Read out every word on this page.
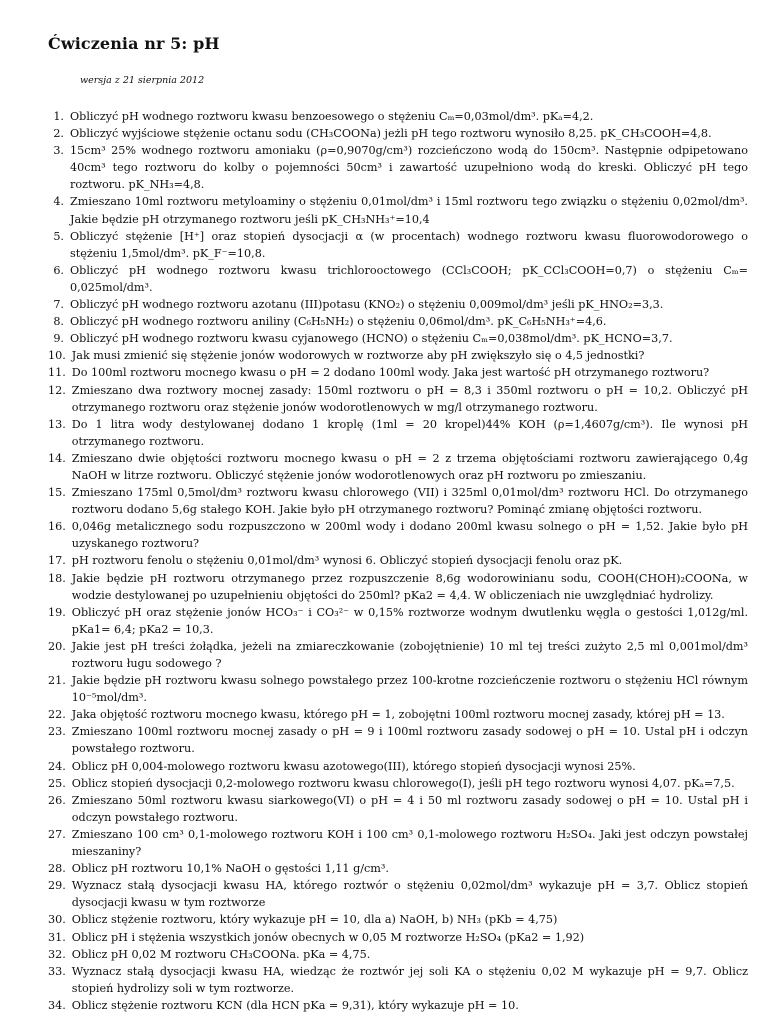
Ćwiczenia nr 5: pH
wersja z 21 sierpnia 2012
1. Obliczyć pH wodnego roztworu kwasu benzoesowego o stężeniu Cₘ=0,03mol/dm³. pKₐ=4,2.
2. Obliczyć wyjściowe stężenie octanu sodu (CH₃COONa) jeżli pH tego roztworu wynosiło 8,25. pK_CH₃COOH=4,8.
3. 15cm³ 25% wodnego roztworu amoniaku (ρ=0,9070g/cm³) rozcieńczono wodą do 150cm³. Następnie odpipetowano 40cm³ tego roztworu do kolby o pojemności 50cm³ i zawartość uzupełniono wodą do kreski. Obliczyć pH tego roztworu. pK_NH₃=4,8.
4. Zmieszano 10ml roztworu metyloaminy o stężeniu 0,01mol/dm³ i 15ml roztworu tego związku o stężeniu 0,02mol/dm³. Jakie będzie pH otrzymanego roztworu jeśli pK_CH₃NH₃⁺=10,4
5. Obliczyć stężenie [H⁺] oraz stopień dysocjacji α (w procentach) wodnego roztworu kwasu fluorowodorowego o stężeniu 1,5mol/dm³. pK_F⁻=10,8.
6. Obliczyć pH wodnego roztworu kwasu trichlorooctowego (CCl₃COOH; pK_CCl₃COOH=0,7) o stężeniu Cₘ= 0,025mol/dm³.
7. Obliczyć pH wodnego roztworu azotanu (III)potasu (KNO₂) o stężeniu 0,009mol/dm³ jeśli pK_HNO₂=3,3.
8. Obliczyć pH wodnego roztworu aniliny (C₆H₅NH₂) o stężeniu 0,06mol/dm³. pK_C₆H₅NH₃⁺=4,6.
9. Obliczyć pH wodnego roztworu kwasu cyjanowego (HCNO) o stężeniu Cₘ=0,038mol/dm³. pK_HCNO=3,7.
10. Jak musi zmienić się stężenie jonów wodorowych w roztworze aby pH zwiększyło się o 4,5 jednostki?
11. Do 100ml roztworu mocnego kwasu o pH = 2 dodano 100ml wody. Jaka jest wartość pH otrzymanego roztworu?
12. Zmieszano dwa roztwory mocnej zasady: 150ml roztworu o pH = 8,3 i 350ml roztworu o pH = 10,2. Obliczyć pH otrzymanego roztworu oraz stężenie jonów wodorotlenowych w mg/l otrzymanego roztworu.
13. Do 1 litra wody destylowanej dodano 1 kroplę (1ml = 20 kropel)44% KOH (ρ=1,4607g/cm³). Ile wynosi pH otrzymanego roztworu.
14. Zmieszano dwie objętości roztworu mocnego kwasu o pH = 2 z trzema objętościami roztworu zawierającego 0,4g NaOH w litrze roztworu. Obliczyć stężenie jonów wodorotlenowych oraz pH roztworu po zmieszaniu.
15. Zmieszano 175ml 0,5mol/dm³ roztworu kwasu chlorowego (VII) i 325ml 0,01mol/dm³ roztworu HCl. Do otrzymanego roztworu dodano 5,6g stałego KOH. Jakie było pH otrzymanego roztworu? Pominąć zmianę objętości roztworu.
16. 0,046g metalicznego sodu rozpuszczono w 200ml wody i dodano 200ml kwasu solnego o pH = 1,52. Jakie było pH uzyskanego roztworu?
17. pH roztworu fenolu o stężeniu 0,01mol/dm³ wynosi 6. Obliczyć stopień dysocjacji fenolu oraz pK.
18. Jakie będzie pH roztworu otrzymanego przez rozpuszczenie 8,6g wodorowinianu sodu, COOH(CHOH)₂COONa, w wodzie destylowanej po uzupełnieniu objętości do 250ml? pKa2 = 4,4. W obliczeniach nie uwzględniać hydrolizy.
19. Obliczyć pH oraz stężenie jonów HCO₃⁻ i CO₃²⁻ w 0,15% roztworze wodnym dwutlenku węgla o gestości 1,012g/ml. pKa1= 6,4; pKa2 = 10,3.
20. Jakie jest pH treści żołądka, jeżeli na zmiareczkowanie (zobojętnienie) 10 ml tej treści zużyto 2,5 ml 0,001mol/dm³ roztworu ługu sodowego ?
21. Jakie będzie pH roztworu kwasu solnego powstałego przez 100-krotne rozcieńczenie roztworu o stężeniu HCl równym 10⁻⁵mol/dm³.
22. Jaka objętość roztworu mocnego kwasu, którego pH = 1, zobojętni 100ml roztworu mocnej zasady, której pH = 13.
23. Zmieszano 100ml roztworu mocnej zasady o pH = 9 i 100ml roztworu zasady sodowej o pH = 10. Ustal pH i odczyn powstałego roztworu.
24. Oblicz pH 0,004-molowego roztworu kwasu azotowego(III), którego stopień dysocjacji wynosi 25%.
25. Oblicz stopień dysocjacji 0,2-molowego roztworu kwasu chlorowego(I), jeśli pH tego roztworu wynosi 4,07. pKₐ=7,5.
26. Zmieszano 50ml roztworu kwasu siarkowego(VI) o pH = 4 i 50 ml roztworu zasady sodowej o pH = 10. Ustal pH i odczyn powstałego roztworu.
27. Zmieszano 100 cm³ 0,1-molowego roztworu KOH i 100 cm³ 0,1-molowego roztworu H₂SO₄. Jaki jest odczyn powstałej mieszaniny?
28. Oblicz pH roztworu 10,1% NaOH o gęstości 1,11 g/cm³.
29. Wyznacz stałą dysocjacji kwasu HA, którego roztwór o stężeniu 0,02mol/dm³ wykazuje pH = 3,7. Oblicz stopień dysocjacji kwasu w tym roztworze
30. Oblicz stężenie roztworu, który wykazuje pH = 10, dla a) NaOH, b) NH₃ (pKb = 4,75)
31. Oblicz pH i stężenia wszystkich jonów obecnych w 0,05 M roztworze H₂SO₄ (pKa2 = 1,92)
32. Oblicz pH 0,02 M roztworu CH₃COONa. pKa = 4,75.
33. Wyznacz stałą dysocjacji kwasu HA, wiedząc że roztwór jej soli KA o stężeniu 0,02 M wykazuje pH = 9,7. Oblicz stopień hydrolizy soli w tym roztworze.
34. Oblicz stężenie roztworu KCN (dla HCN pKa = 9,31), który wykazuje pH = 10.
